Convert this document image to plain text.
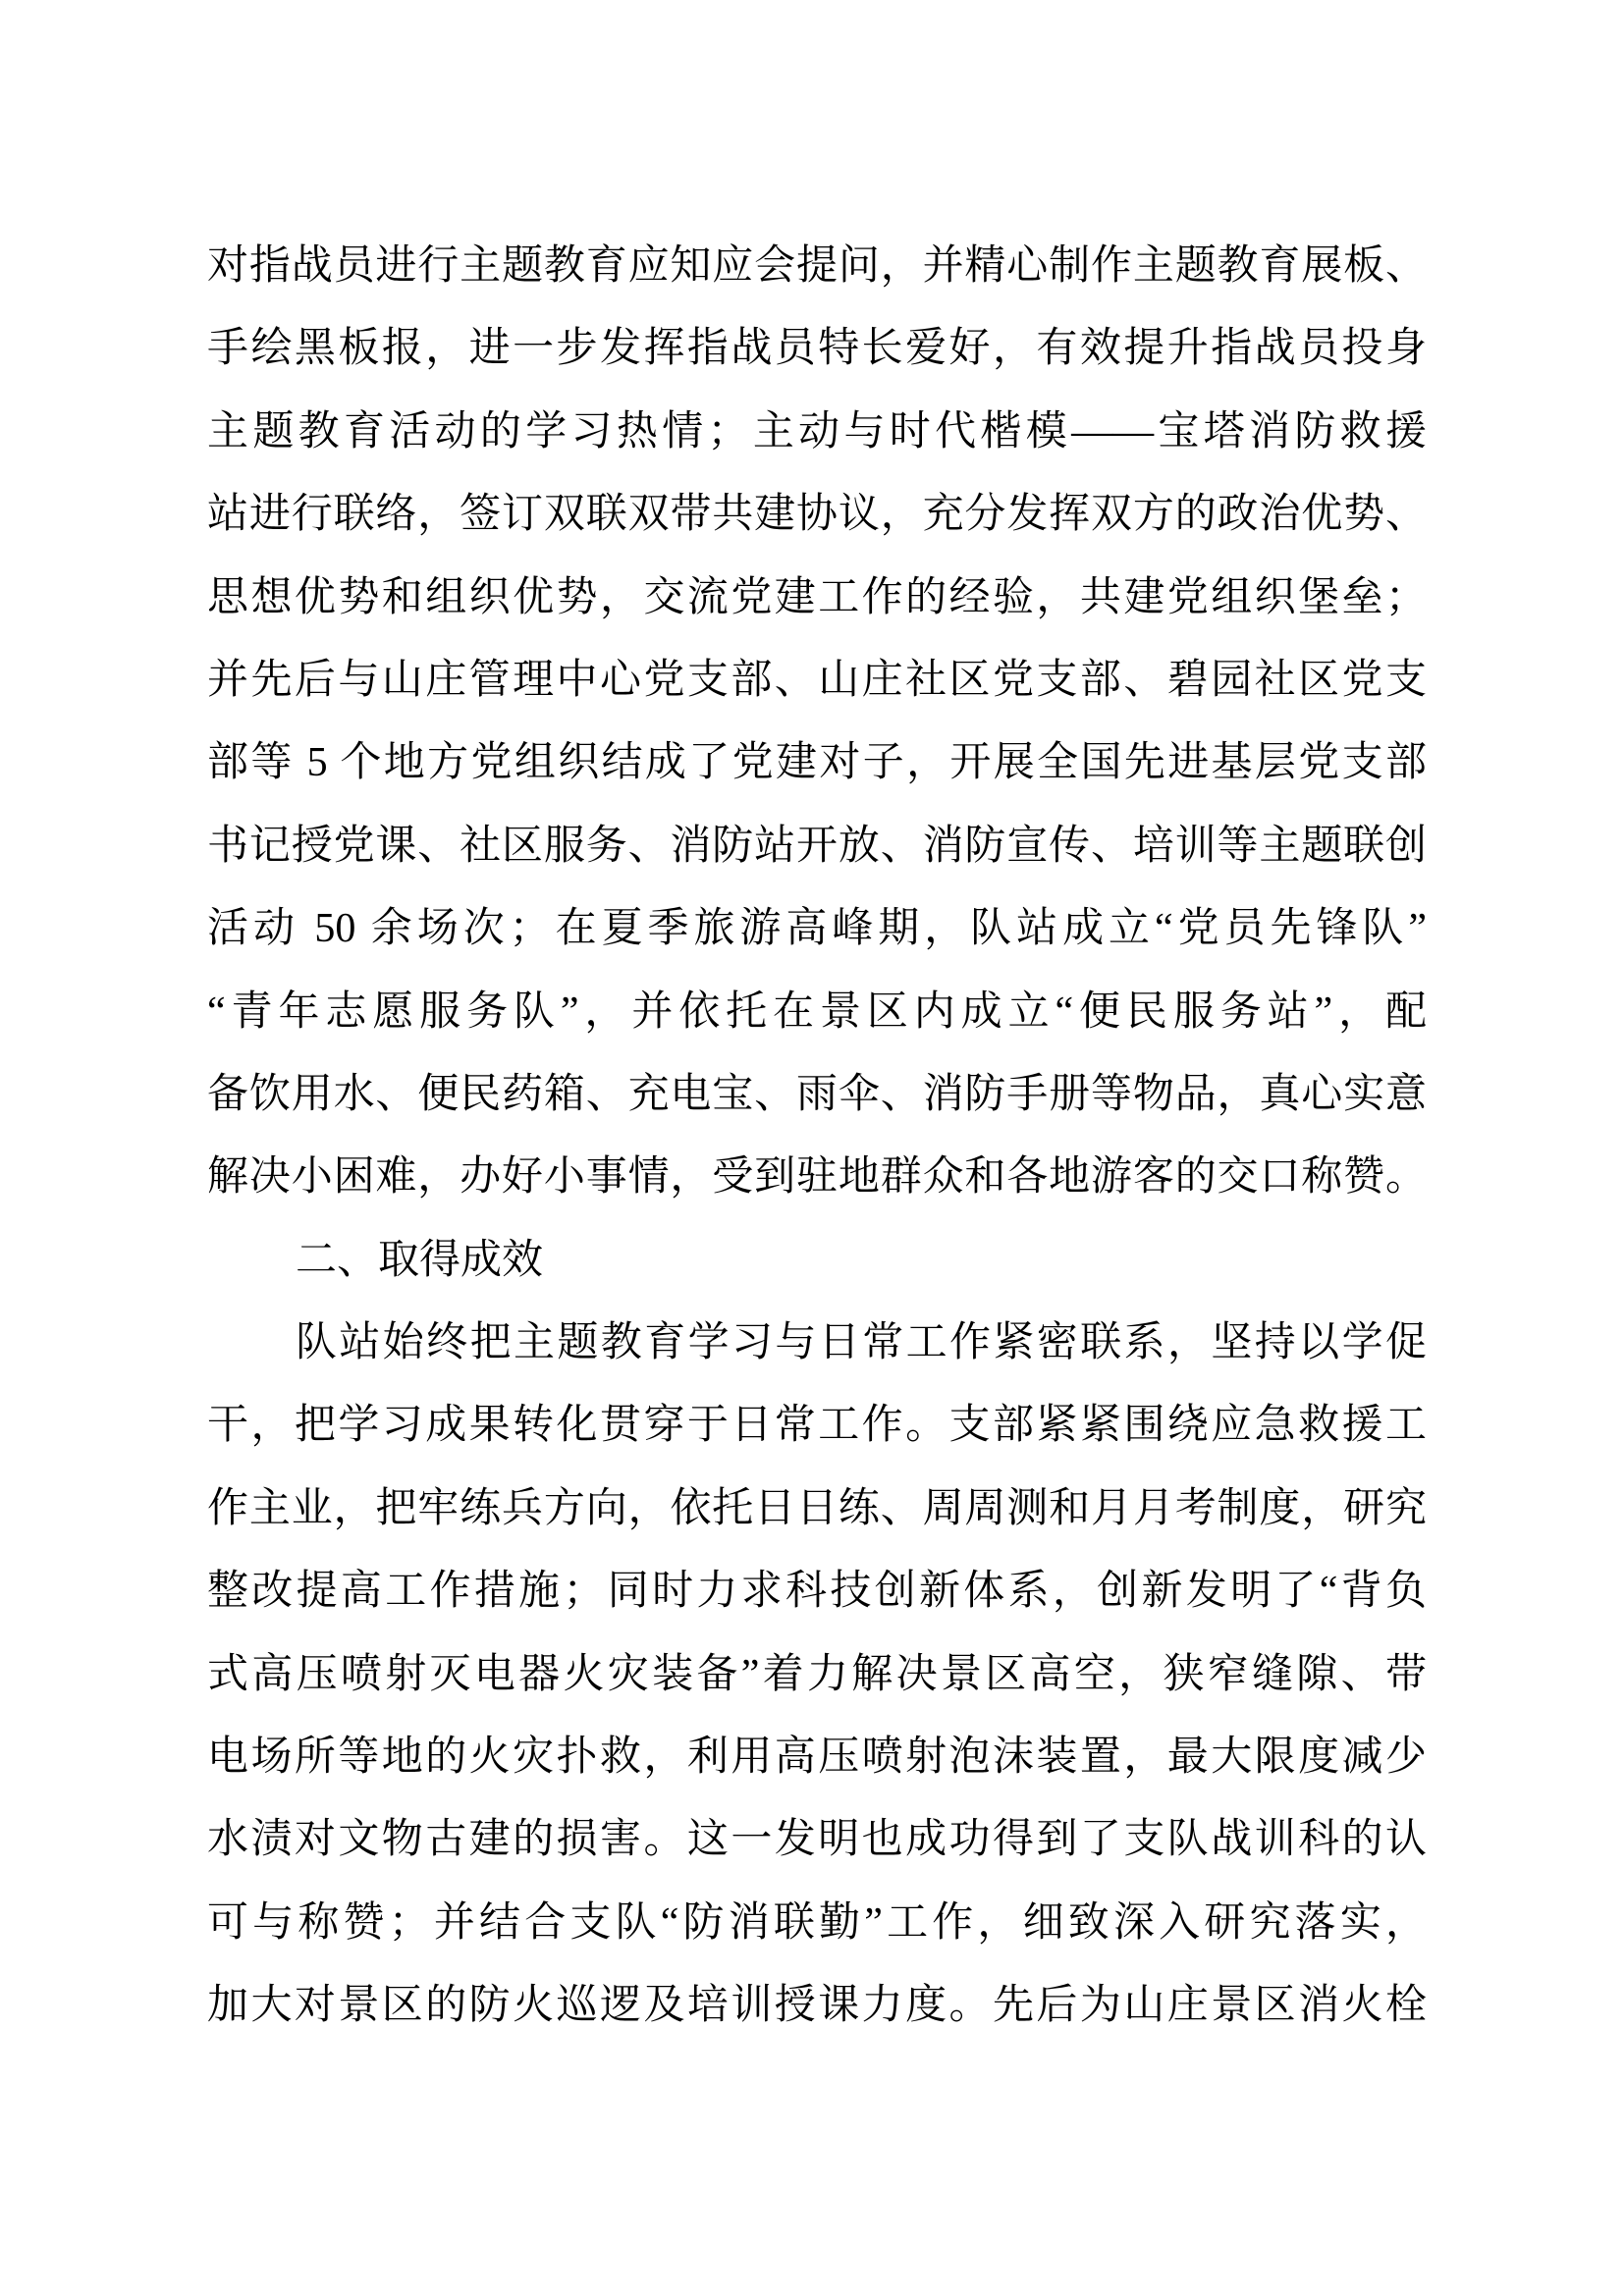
对指战员进行主题教育应知应会提问，并精心制作主题教育展板、
手绘黑板报，进一步发挥指战员特长爱好，有效提升指战员投身
主题教育活动的学习热情；主动与时代楷模——宝塔消防救援
站进行联络，签订双联双带共建协议，充分发挥双方的政治优势、
思想优势和组织优势，交流党建工作的经验，共建党组织堡垒；
并先后与山庄管理中心党支部、山庄社区党支部、碧园社区党支
部等 5 个地方党组织结成了党建对子，开展全国先进基层党支部
书记授党课、社区服务、消防站开放、消防宣传、培训等主题联创
活动 50 余场次；在夏季旅游高峰期，队站成立“党员先锋队”
“青年志愿服务队”，并依托在景区内成立“便民服务站”，配
备饮用水、便民药箱、充电宝、雨伞、消防手册等物品，真心实意
解决小困难，办好小事情，受到驻地群众和各地游客的交口称赞。
二、取得成效
队站始终把主题教育学习与日常工作紧密联系，坚持以学促
干，把学习成果转化贯穿于日常工作。支部紧紧围绕应急救援工
作主业，把牢练兵方向，依托日日练、周周测和月月考制度，研究
整改提高工作措施；同时力求科技创新体系，创新发明了“背负
式高压喷射灭电器火灾装备”着力解决景区高空，狭窄缝隙、带
电场所等地的火灾扑救，利用高压喷射泡沫装置，最大限度减少
水渍对文物古建的损害。这一发明也成功得到了支队战训科的认
可与称赞；并结合支队“防消联勤”工作，细致深入研究落实，
加大对景区的防火巡逻及培训授课力度。先后为山庄景区消火栓
